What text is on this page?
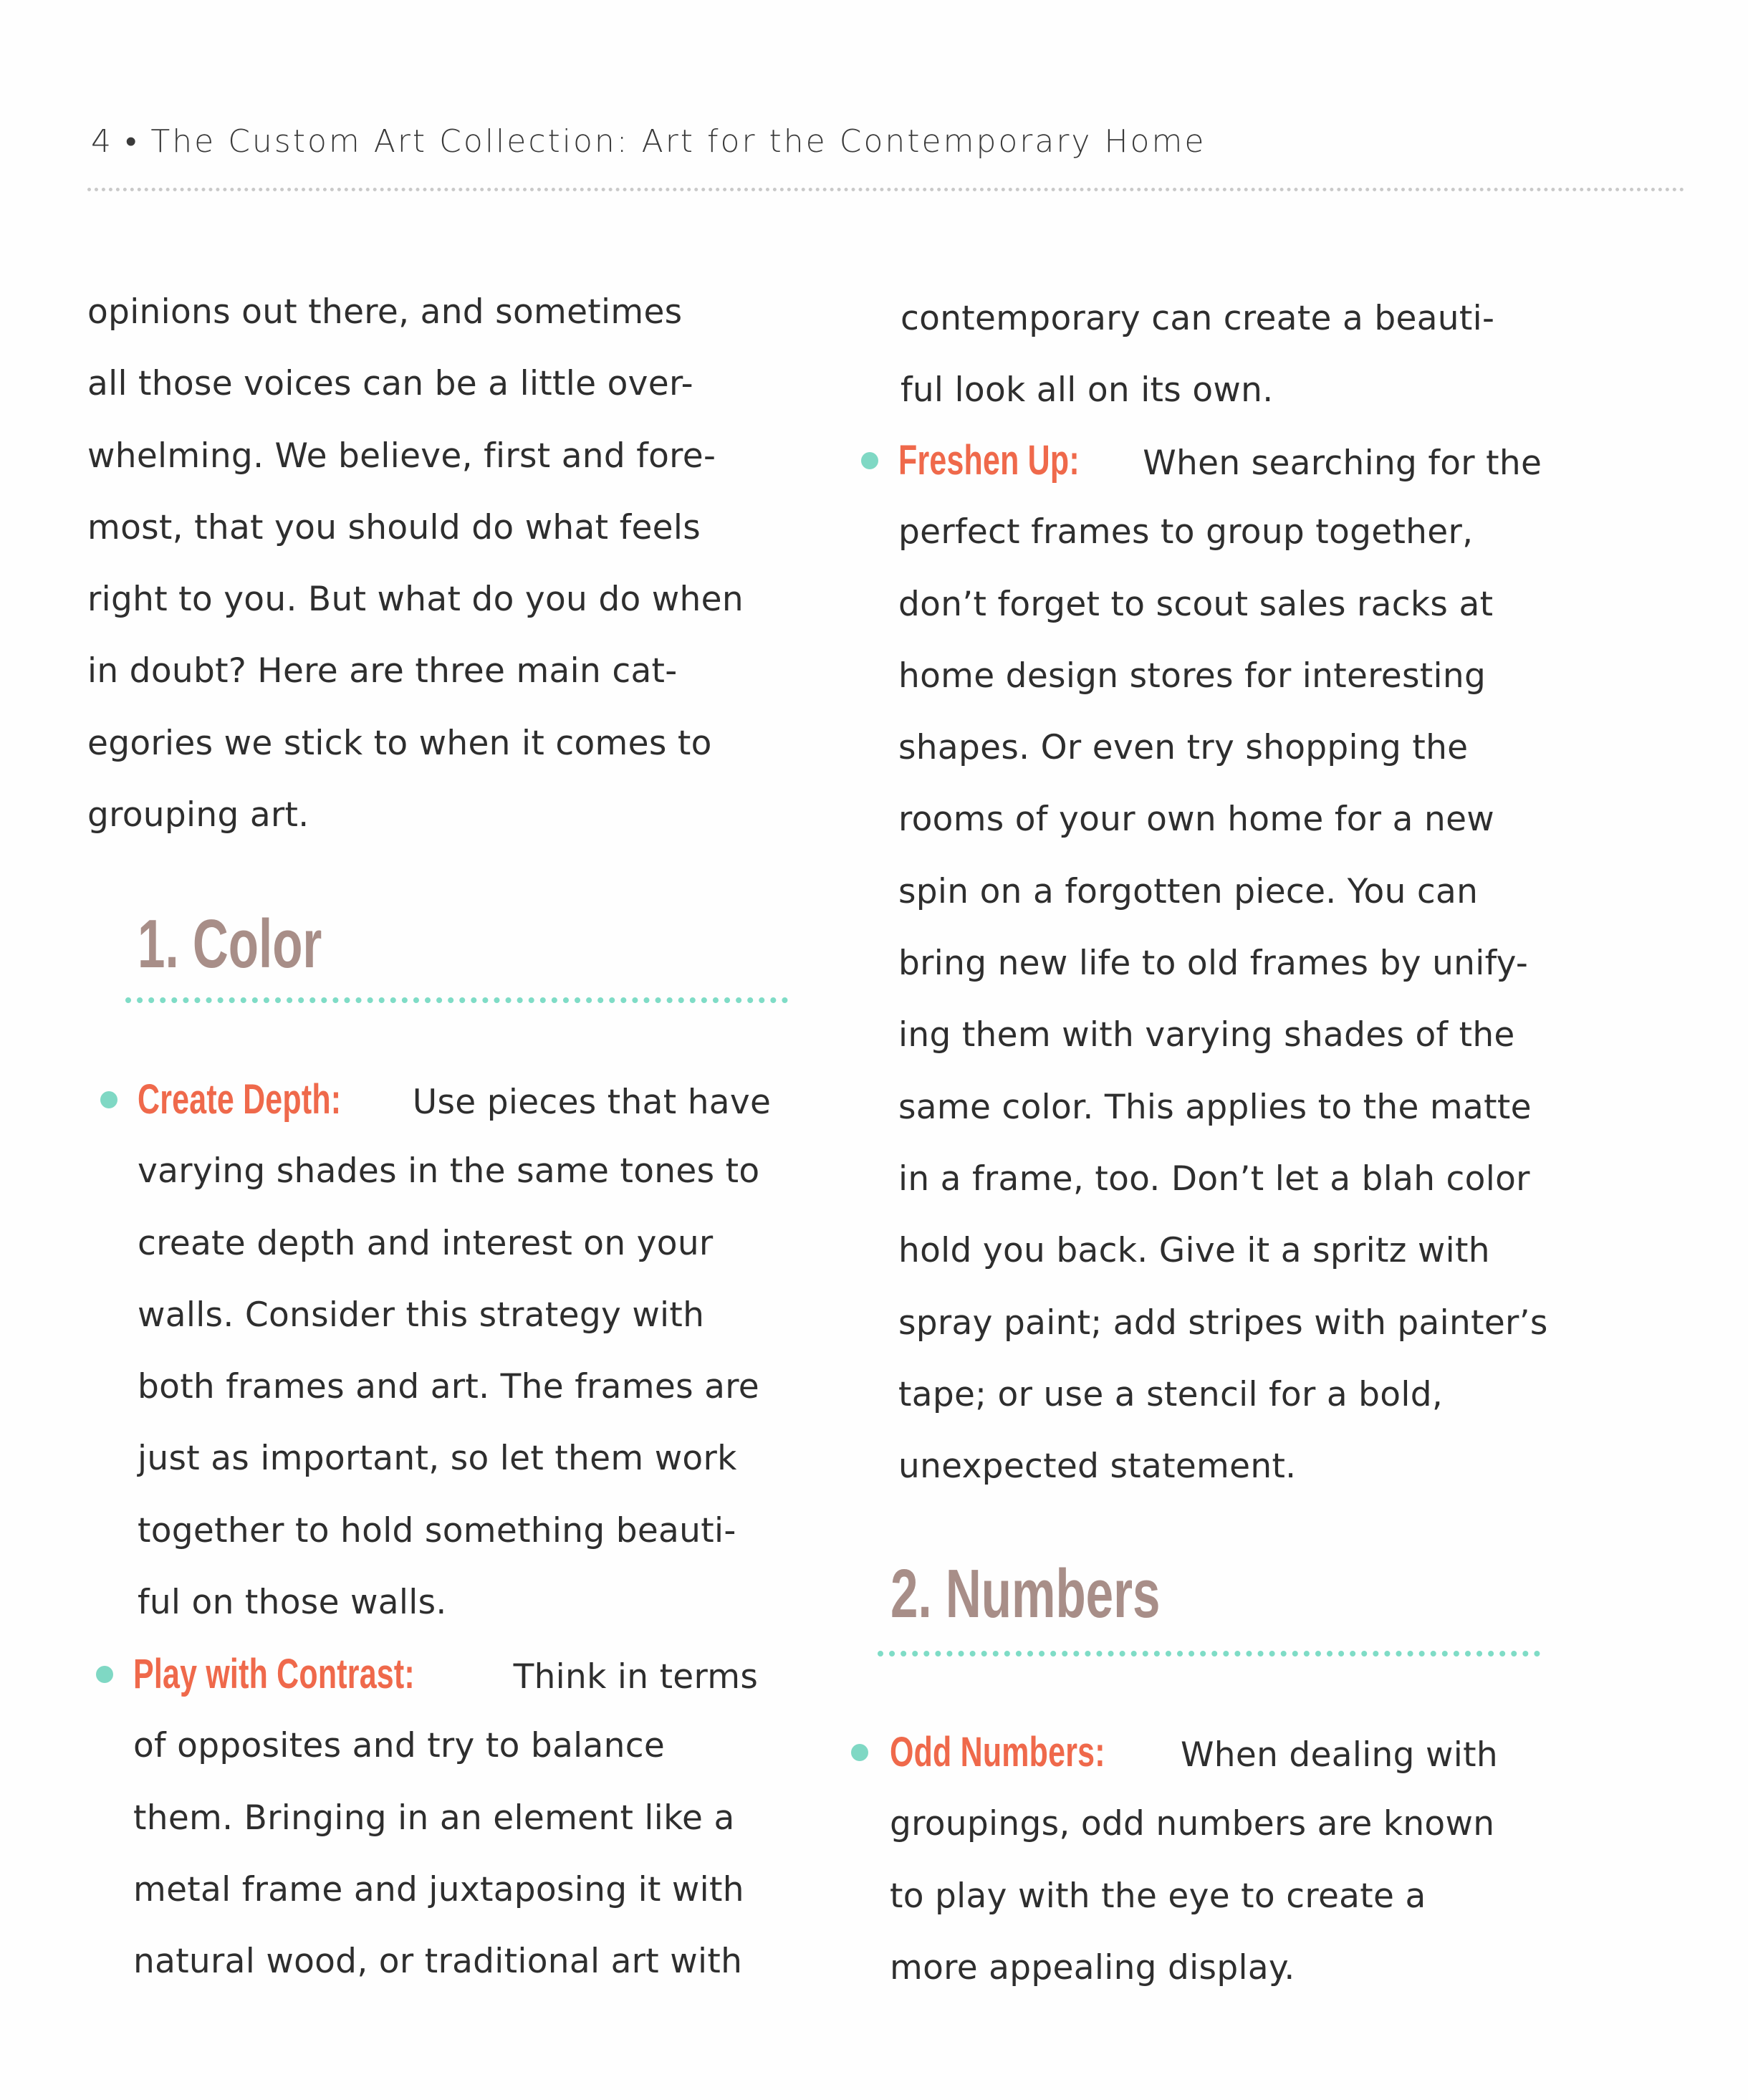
4 • The Custom Art Collection: Art for the Contemporary Home
opinions out there, and sometimes
all those voices can be a little over-
whelming. We believe, first and fore-
most, that you should do what feels
right to you. But what do you do when
in doubt? Here are three main cat-
egories we stick to when it comes to
grouping art.
1. Color
Create Depth: Use pieces that have
varying shades in the same tones to
create depth and interest on your
walls. Consider this strategy with
both frames and art. The frames are
just as important, so let them work
together to hold something beauti-
ful on those walls.
Play with Contrast:	Think in terms
of opposites and try to balance
them. Bringing in an element like a
metal frame and juxtaposing it with
natural wood, or traditional art with
contemporary can create a beauti-
ful look all on its own.
Freshen Up: When searching for the
perfect frames to group together,
don’t forget to scout sales racks at
home design stores for interesting
shapes. Or even try shopping the
rooms of your own home for a new
spin on a forgotten piece. You can
bring new life to old frames by unify-
ing them with varying shades of the
same color. This applies to the matte
in a frame, too. Don’t let a blah color
hold you back. Give it a spritz with
spray paint; add stripes with painter’s
tape; or use a stencil for a bold,
unexpected statement.
2. Numbers
Odd Numbers: When dealing with
groupings, odd numbers are known
to play with the eye to create a
more appealing display.
